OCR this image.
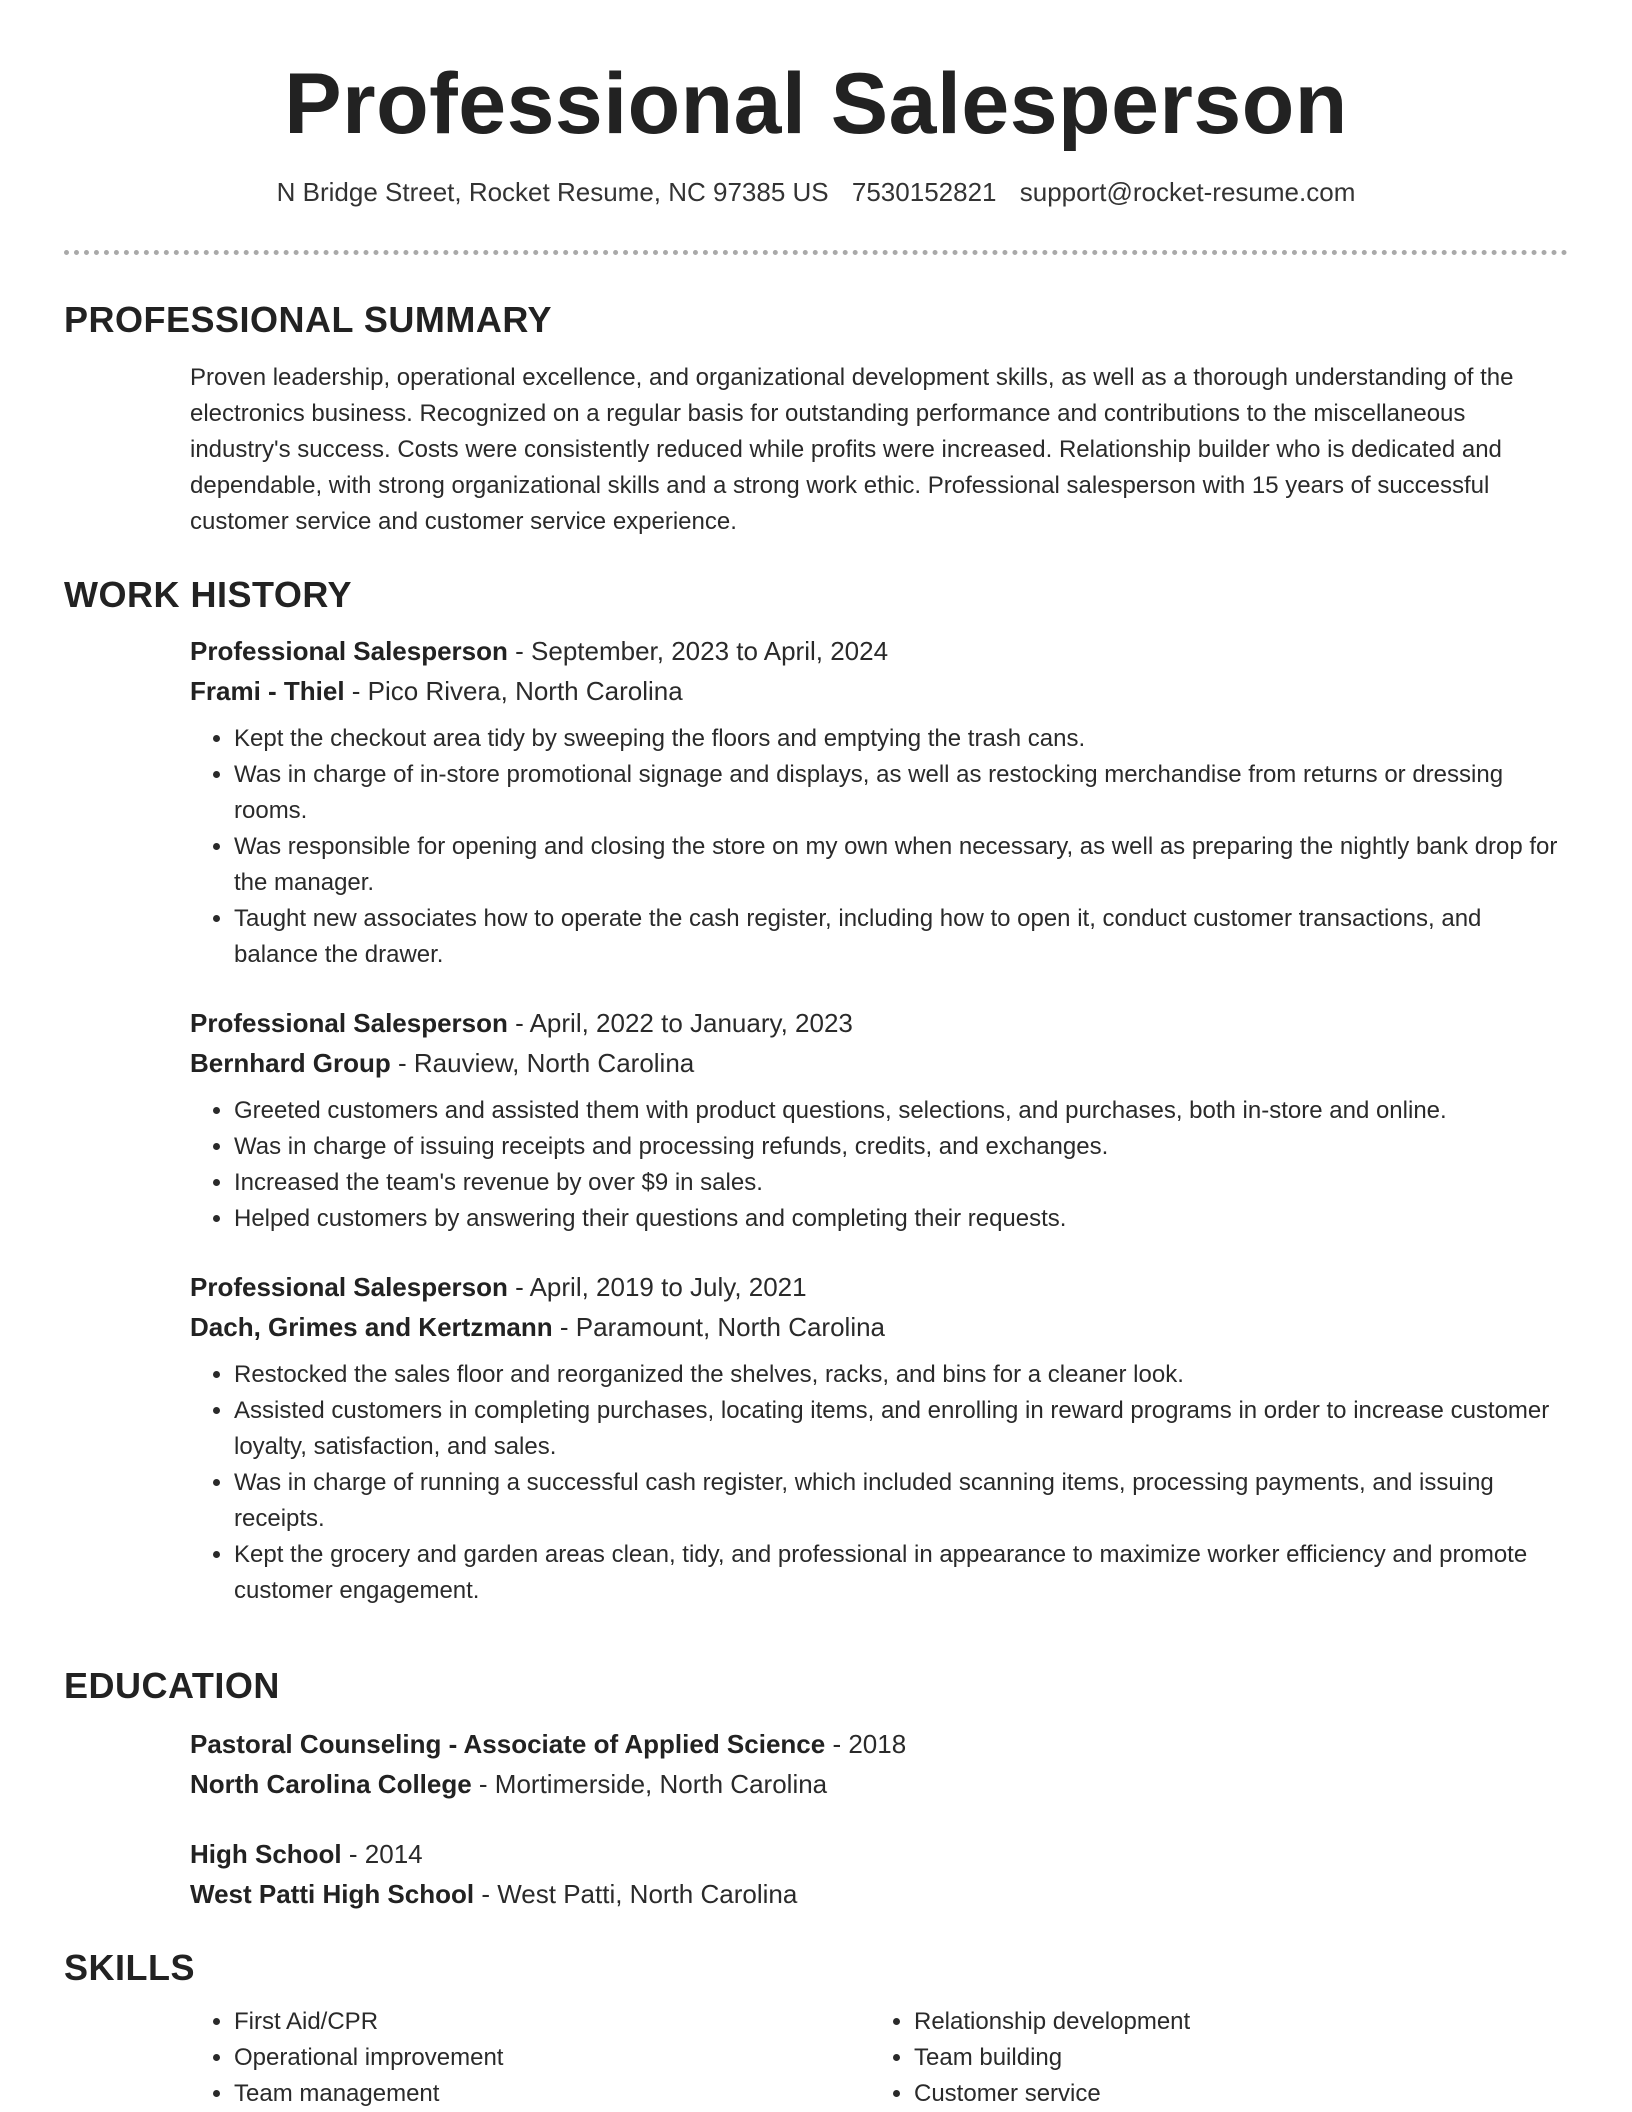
Professional Salesperson
N Bridge Street, Rocket Resume, NC 97385 US 7530152821 support@rocket-resume.com
PROFESSIONAL SUMMARY

Proven leadership, operational excellence, and organizational development skills, as well as a thorough understanding of the electronics business. Recognized on a regular basis for outstanding performance and contributions to the miscellaneous industry's success. Costs were consistently reduced while profits were increased. Relationship builder who is dedicated and dependable, with strong organizational skills and a strong work ethic. Professional salesperson with 15 years of successful customer service and customer service experience.

WORK HISTORY

Professional Salesperson - September, 2023 to April, 2024

Frami - Thiel - Pico Rivera, North Carolina

• Kept the checkout area tidy by sweeping the floors and emptying the trash cans.
• Was in charge of in-store promotional signage and displays, as well as restocking merchandise from returns or dressing rooms.
• Was responsible for opening and closing the store on my own when necessary, as well as preparing the nightly bank drop for the manager.
• Taught new associates how to operate the cash register, including how to open it, conduct customer transactions, and balance the drawer.

Professional Salesperson - April, 2022 to January, 2023

Bernhard Group - Rauview, North Carolina

• Greeted customers and assisted them with product questions, selections, and purchases, both in-store and online.
• Was in charge of issuing receipts and processing refunds, credits, and exchanges.
• Increased the team's revenue by over $9 in sales.
• Helped customers by answering their questions and completing their requests.

Professional Salesperson - April, 2019 to July, 2021

Dach, Grimes and Kertzmann - Paramount, North Carolina

• Restocked the sales floor and reorganized the shelves, racks, and bins for a cleaner look.
• Assisted customers in completing purchases, locating items, and enrolling in reward programs in order to increase customer loyalty, satisfaction, and sales.
• Was in charge of running a successful cash register, which included scanning items, processing payments, and issuing receipts.
• Kept the grocery and garden areas clean, tidy, and professional in appearance to maximize worker efficiency and promote customer engagement.
EDUCATION

Pastoral Counseling - Associate of Applied Science - 2018

North Carolina College - Mortimerside, North Carolina

High School - 2014

West Patti High School - West Patti, North Carolina

SKILLS
• First Aid/CPR
• Operational improvement
• Team management
• Relationship development
• Team building
• Customer service
